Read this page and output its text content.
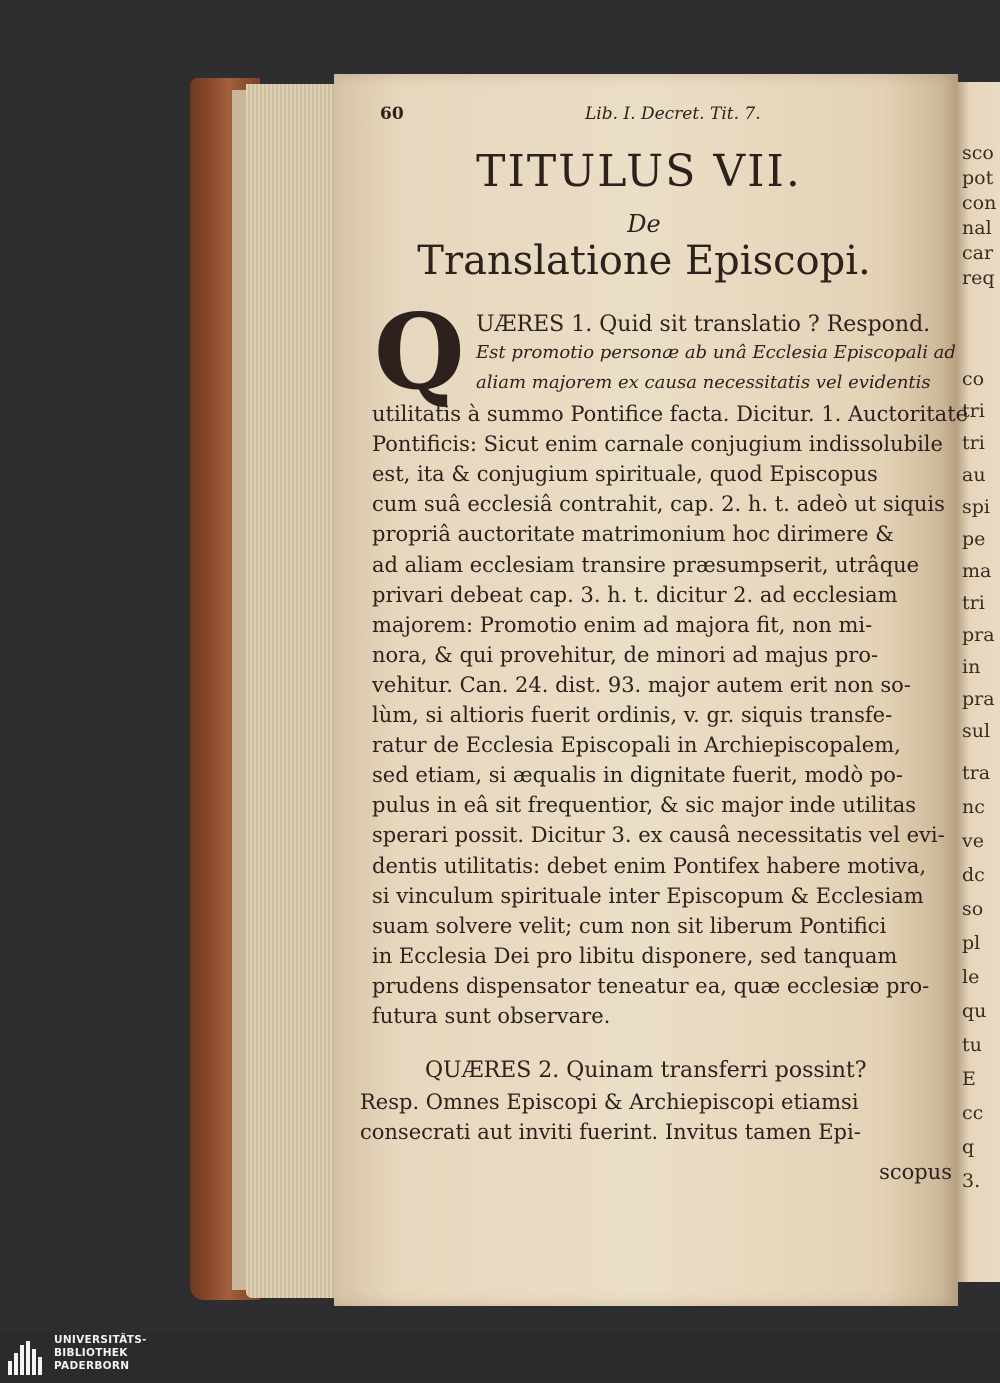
sco
pot
con
nal
car
req
co
tri
tri
au
spi
pe
ma
tri
pra
in
pra
sul
tra
nc
ve
dc
so
pl
le
qu
tu
E
cc
q
3.
60	Lib. I. Decret. Tit. 7.
TITULUS VII.
De
Translatione Episcopi.
Q UÆRES 1. Quid sit translatio ? Respond.
Est promotio personæ ab unâ Ecclesia Episcopali ad
aliam majorem ex causa necessitatis vel evidentis
utilitatis à summo Pontifice facta. Dicitur. 1. Auctoritate
Pontificis: Sicut enim carnale conjugium indissolubile
est, ita & conjugium spirituale, quod Episcopus
cum suâ ecclesiâ contrahit, cap. 2. h. t. adeò ut siquis
propriâ auctoritate matrimonium hoc dirimere &
ad aliam ecclesiam transire præsumpserit, utrâque
privari debeat cap. 3. h. t. dicitur 2. ad ecclesiam
majorem: Promotio enim ad majora fit, non mi-
nora, & qui provehitur, de minori ad majus pro-
vehitur. Can. 24. dist. 93. major autem erit non so-
lùm, si altioris fuerit ordinis, v. gr. siquis transfe-
ratur de Ecclesia Episcopali in Archiepiscopalem,
sed etiam, si æqualis in dignitate fuerit, modò po-
pulus in eâ sit frequentior, & sic major inde utilitas
sperari possit. Dicitur 3. ex causâ necessitatis vel evi-
dentis utilitatis: debet enim Pontifex habere motiva,
si vinculum spirituale inter Episcopum & Ecclesiam
suam solvere velit; cum non sit liberum Pontifici
in Ecclesia Dei pro libitu disponere, sed tanquam
prudens dispensator teneatur ea, quæ ecclesiæ pro-
futura sunt observare.
QUÆRES 2. Quinam transferri possint?
Resp. Omnes Episcopi & Archiepiscopi etiamsi
consecrati aut inviti fuerint. Invitus tamen Epi-
scopus
UNIVERSITÄTS-
BIBLIOTHEK
PADERBORN
